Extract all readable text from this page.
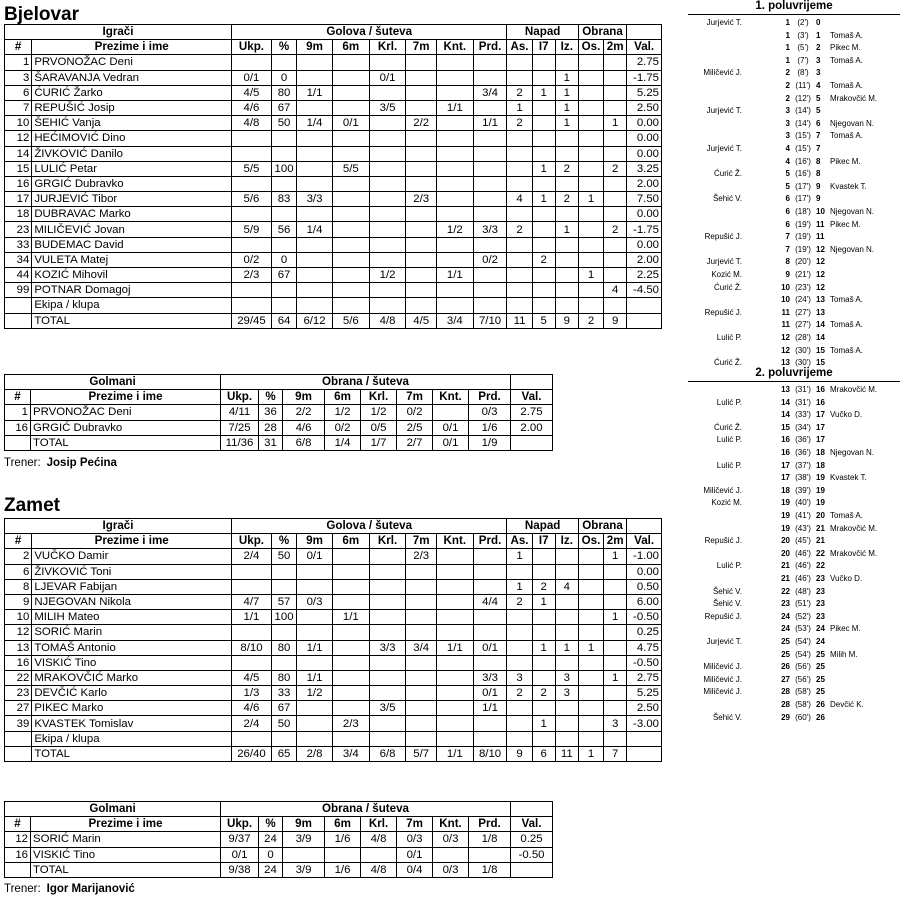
Bjelovar
Igrači		Golova / šuteva								Napad			Obrana		
#	Prezime i ime	Ukp.	%	9m	6m	Krl.	7m	Knt.	Prd.	As.	I7	Iz.	Os.	2m	Val.
1	PRVONOŽAC Deni														2.75
3	ŠARAVANJA Vedran	0/1	0			0/1						1			-1.75
6	ĆURIĆ Žarko	4/5	80	1/1					3/4	2	1	1			5.25
7	REPUŠIĆ Josip	4/6	67			3/5		1/1		1		1			2.50
10	ŠEHIĆ Vanja	4/8	50	1/4	0/1		2/2		1/1	2		1		1	0.00
12	HEĆIMOVIĆ Dino														0.00
14	ŽIVKOVIĆ Danilo														0.00
15	LULIĆ Petar	5/5	100		5/5						1	2		2	3.25
16	GRGIĆ Dubravko														2.00
17	JURJEVIĆ Tibor	5/6	83	3/3			2/3			4	1	2	1		7.50
18	DUBRAVAC Marko														0.00
23	MILIČEVIĆ Jovan	5/9	56	1/4				1/2	3/3	2		1		2	-1.75
33	BUDEMAC David														0.00
34	VULETA Matej	0/2	0						0/2		2				2.00
44	KOZIĆ Mihovil	2/3	67			1/2		1/1					1		2.25
99	POTNAR Domagoj													4	-4.50
	Ekipa / klupa														
	TOTAL	29/45	64	6/12	5/6	4/8	4/5	3/4	7/10	11	5	9	2	9	
Golmani		Obrana / šuteva								
#	Prezime i ime	Ukp.	%	9m	6m	Krl.	7m	Knt.	Prd.	Val.
1	PRVONOŽAC Deni	4/11	36	2/2	1/2	1/2	0/2		0/3	2.75
16	GRGIĆ Dubravko	7/25	28	4/6	0/2	0/5	2/5	0/1	1/6	2.00
	TOTAL	11/36	31	6/8	1/4	1/7	2/7	0/1	1/9	
Trener: Josip Pećina
Zamet
Igrači		Golova / šuteva								Napad			Obrana		
#	Prezime i ime	Ukp.	%	9m	6m	Krl.	7m	Knt.	Prd.	As.	I7	Iz.	Os.	2m	Val.
2	VUČKO Damir	2/4	50	0/1			2/3			1				1	-1.00
6	ŽIVKOVIĆ Toni														0.00
8	LJEVAR Fabijan									1	2	4			0.50
9	NJEGOVAN Nikola	4/7	57	0/3					4/4	2	1				6.00
10	MILIH Mateo	1/1	100		1/1									1	-0.50
12	SORIĆ Marin														0.25
13	TOMAŠ Antonio	8/10	80	1/1		3/3	3/4	1/1	0/1		1	1	1		4.75
16	VISKIĆ Tino														-0.50
22	MRAKOVČIĆ Marko	4/5	80	1/1					3/3	3		3		1	2.75
23	DEVČIĆ Karlo	1/3	33	1/2					0/1	2	2	3			5.25
27	PIKEC Marko	4/6	67			3/5			1/1						2.50
39	KVASTEK Tomislav	2/4	50		2/3						1			3	-3.00
	Ekipa / klupa														
	TOTAL	26/40	65	2/8	3/4	6/8	5/7	1/1	8/10	9	6	11	1	7	
Golmani		Obrana / šuteva								
#	Prezime i ime	Ukp.	%	9m	6m	Krl.	7m	Knt.	Prd.	Val.
12	SORIĆ Marin	9/37	24	3/9	1/6	4/8	0/3	0/3	1/8	0.25
16	VISKIĆ Tino	0/1	0				0/1			-0.50
	TOTAL	9/38	24	3/9	1/6	4/8	0/4	0/3	1/8	
Trener: Igor Marijanović
1. poluvrijeme
Jurjević T.	1 (2') 0
1 (3') 1	Tomaš A.
1 (5') 2	Pikec M.
1 (7') 3	Tomaš A.
Miličević J.	2 (8') 3
2 (11') 4	Tomaš A.
2 (12') 5	Mrakovčić M.
Jurjević T.	3 (14') 5
3 (14') 6	Njegovan N.
3 (15') 7	Tomaš A.
Jurjević T.	4 (15') 7
4 (16') 8	Pikec M.
Ćurić Ž.	5 (16') 8
5 (17') 9	Kvastek T.
Šehić V.	6 (17') 9
6 (18') 10 Njegovan N.
6 (19') 11 Pikec M.
Repušić J.	7 (19') 11
7 (19') 12 Njegovan N.
Jurjević T.	8 (20') 12
Kozić M.	9 (21') 12
Ćurić Ž.	10 (23') 12
10 (24') 13 Tomaš A.
Repušić J.	11 (27') 13
11 (27') 14 Tomaš A.
Lulić P.	12 (28') 14
12 (30') 15 Tomaš A.
Ćurić Ž.	13 (30') 15
2. poluvrijeme
13 (31') 16 Mrakovčić M.
Lulić P.	14 (31') 16
14 (33') 17 Vučko D.
Ćurić Ž.	15 (34') 17
Lulić P.	16 (36') 17
16 (36') 18 Njegovan N.
Lulić P.	17 (37') 18
17 (38') 19 Kvastek T.
Miličević J.	18 (39') 19
Kozić M.	19 (40') 19
19 (41') 20 Tomaš A.
19 (43') 21 Mrakovčić M.
Repušić J.	20 (45') 21
20 (46') 22 Mrakovčić M.
Lulić P.	21 (46') 22
21 (46') 23 Vučko D.
Šehić V.	22 (48') 23
Šehić V.	23 (51') 23
Repušić J.	24 (52') 23
24 (53') 24 Pikec M.
Jurjević T.	25 (54') 24
25 (54') 25 Milih M.
Miličević J.	26 (56') 25
Miličević J.	27 (56') 25
Miličević J.	28 (58') 25
28 (58') 26 Devčić K.
Šehić V.	29 (60') 26
